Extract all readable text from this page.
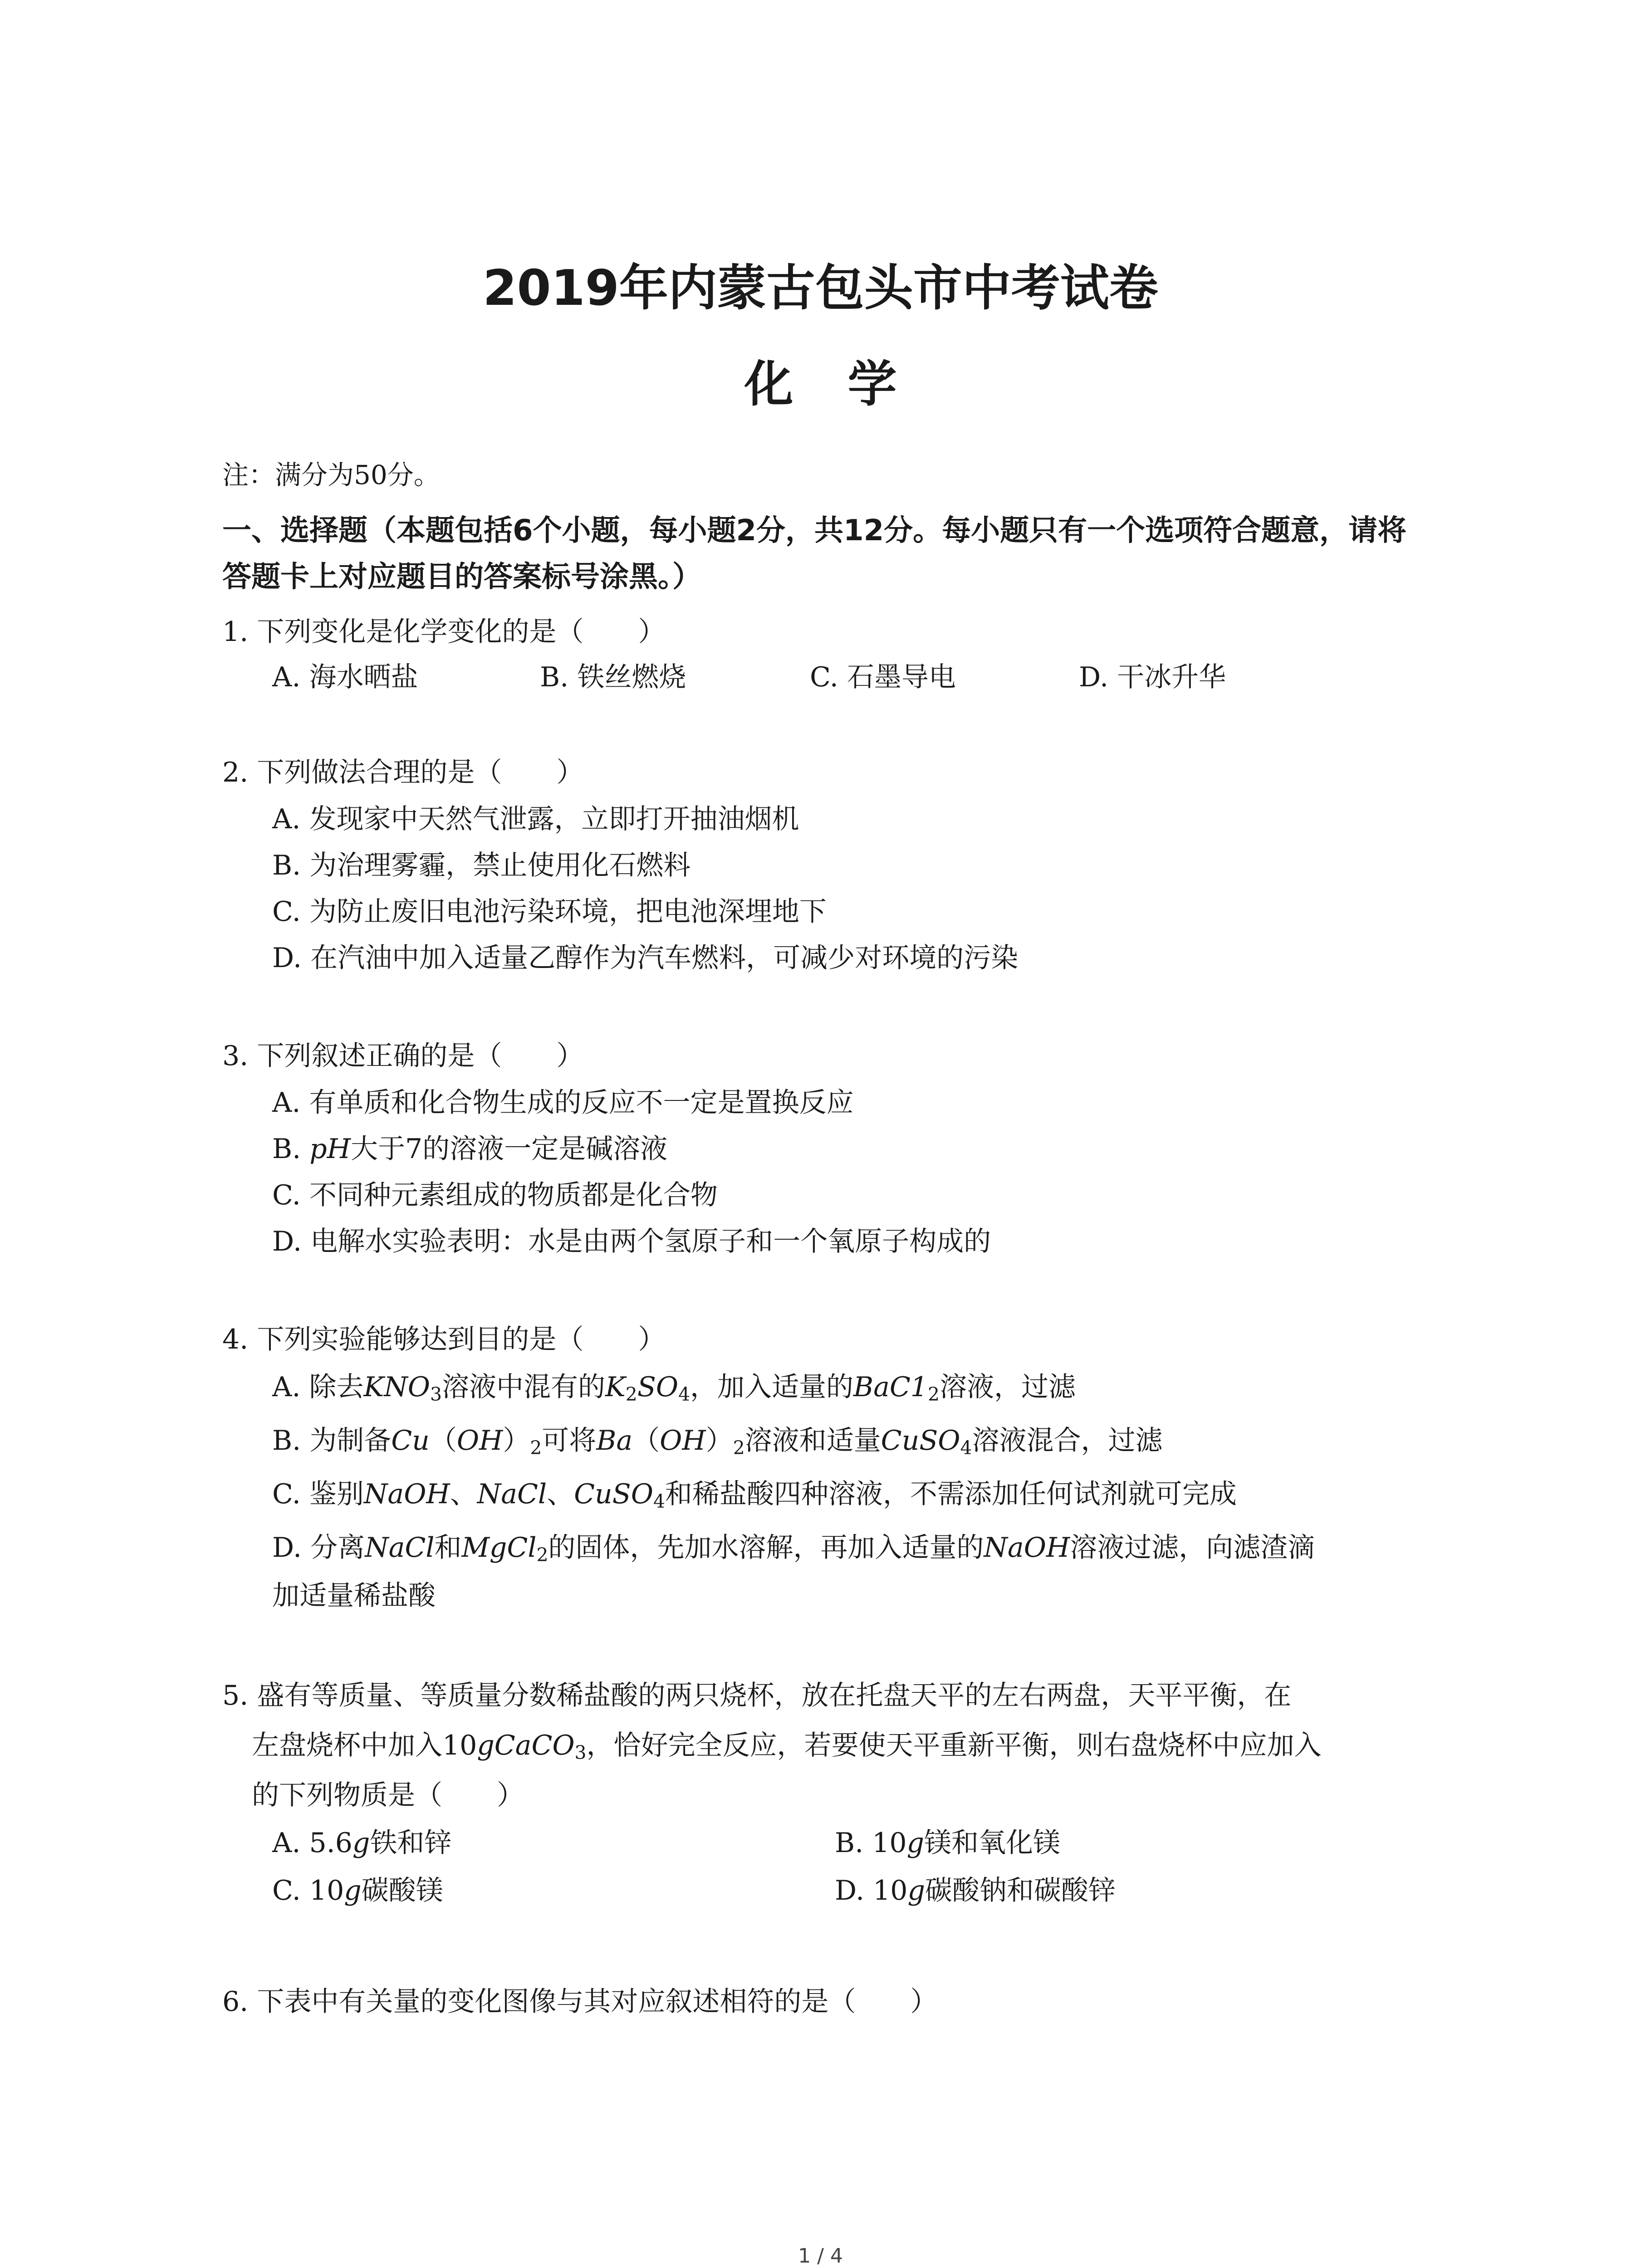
2019年内蒙古包头市中考试卷
化学
注：满分为50分。
一、选择题（本题包括6个小题，每小题2分，共12分。每小题只有一个选项符合题意，请将
答题卡上对应题目的答案标号涂黑。）
1. 下列变化是化学变化的是（　　）
A. 海水晒盐	B. 铁丝燃烧	C. 石墨导电	D. 干冰升华
2. 下列做法合理的是（　　）
A. 发现家中天然气泄露，立即打开抽油烟机
B. 为治理雾霾，禁止使用化石燃料
C. 为防止废旧电池污染环境，把电池深埋地下
D. 在汽油中加入适量乙醇作为汽车燃料，可减少对环境的污染
3. 下列叙述正确的是（　　）
A. 有单质和化合物生成的反应不一定是置换反应
B. pH大于7的溶液一定是碱溶液
C. 不同种元素组成的物质都是化合物
D. 电解水实验表明：水是由两个氢原子和一个氧原子构成的
4. 下列实验能够达到目的是（　　）
A. 除去$KNO_3$溶液中混有的$K_2SO_4$，加入适量的$BaC1_2$溶液，过滤
B. 为制备$Cu(OH)_2$可将$Ba(OH)_2$溶液和适量CuSO$_4$溶液混合，过滤
C. 鉴别NaOH、NaCl、CuSO$_4$和稀盐酸四种溶液，不需添加任何试剂就可完成
D. 分离NaCl和MgCl$_2$的固体，先加水溶解，再加入适量的NaOH溶液过滤，向滤渣滴
加适量稀盐酸
5. 盛有等质量、等质量分数稀盐酸的两只烧杯，放在托盘天平的左右两盘，天平平衡，在
左盘烧杯中加入10gCaCO$_3$，恰好完全反应，若要使天平重新平衡，则右盘烧杯中应加入
的下列物质是（　　）
A. 5.6g铁和锌	B. 10g镁和氧化镁
C. 10g碳酸镁	D. 10g碳酸钠和碳酸锌
6. 下表中有关量的变化图像与其对应叙述相符的是（　　）
1 / 4
